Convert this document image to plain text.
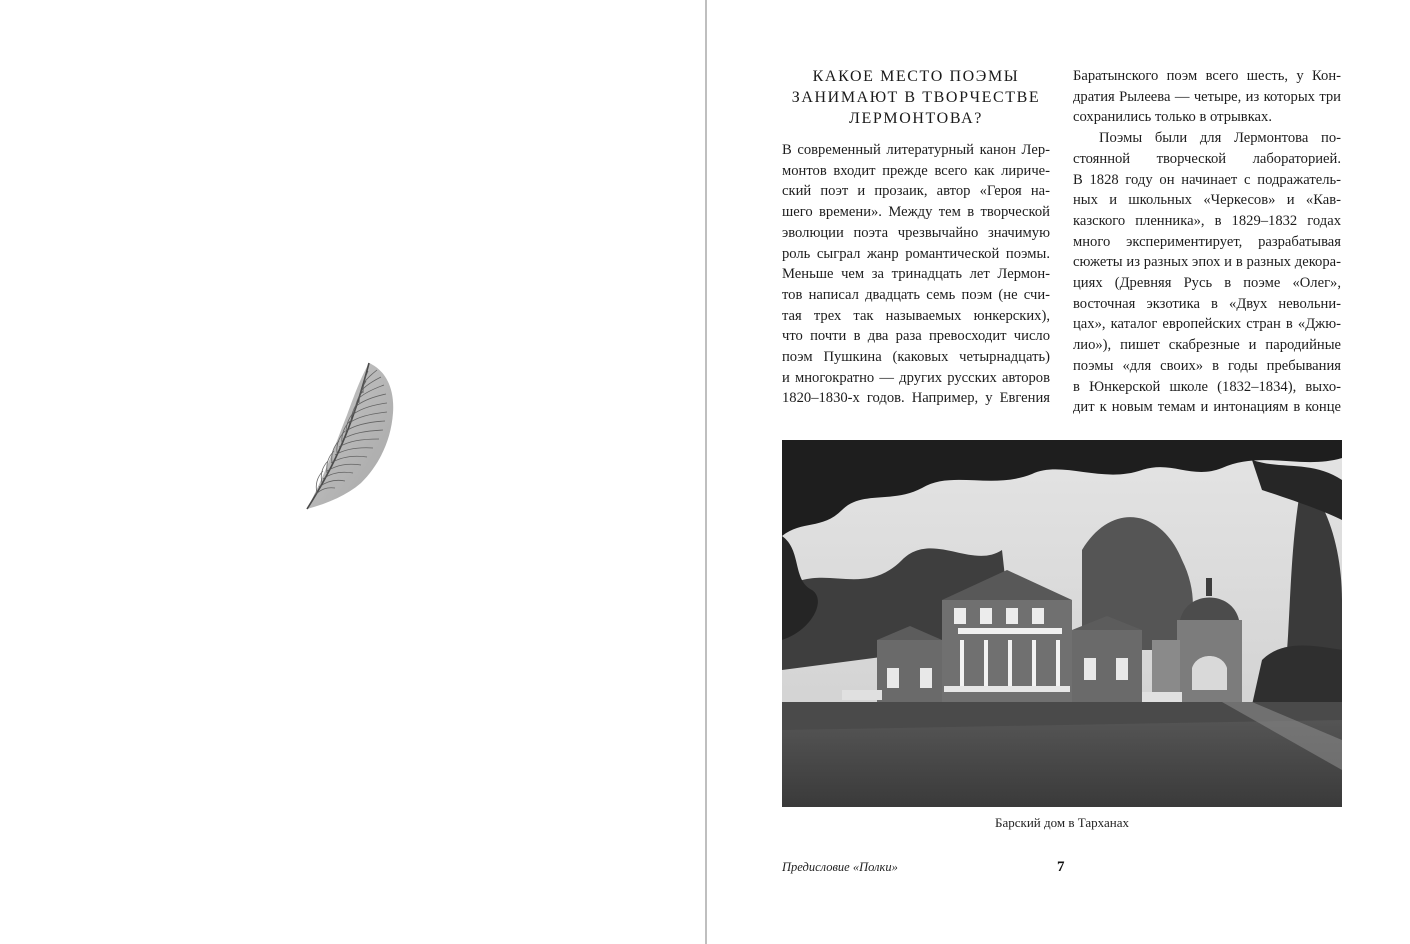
КАКОЕ МЕСТО ПОЭМЫ
ЗАНИМАЮТ В ТВОРЧЕСТВЕ
ЛЕРМОНТОВА?
В современный литературный канон Лер-
монтов входит прежде всего как лириче-
ский поэт и прозаик, автор «Героя на-
шего времени». Между тем в творческой
эволюции поэта чрезвычайно значимую
роль сыграл жанр романтической поэмы.
Меньше чем за тринадцать лет Лермон-
тов написал двадцать семь поэм (не счи-
тая трех так называемых юнкерских),
что почти в два раза превосходит число
поэм Пушкина (каковых четырнадцать)
и многократно — других русских авторов
1820–1830-х годов. Например, у Евгения
Баратынского поэм всего шесть, у Кон-
дратия Рылеева — четыре, из которых три
сохранились только в отрывках.
Поэмы были для Лермонтова по-
стоянной творческой лабораторией.
В 1828 году он начинает с подражатель-
ных и школьных «Черкесов» и «Кав-
казского пленника», в 1829–1832 годах
много экспериментирует, разрабатывая
сюжеты из разных эпох и в разных декора-
циях (Древняя Русь в поэме «Олег»,
восточная экзотика в «Двух невольни-
цах», каталог европейских стран в «Джю-
лио»), пишет скабрезные и пародийные
поэмы «для своих» в годы пребывания
в Юнкерской школе (1832–1834), выхо-
дит к новым темам и интонациям в конце
Барский дом в Тарханах
Предисловие «Полки»	7
